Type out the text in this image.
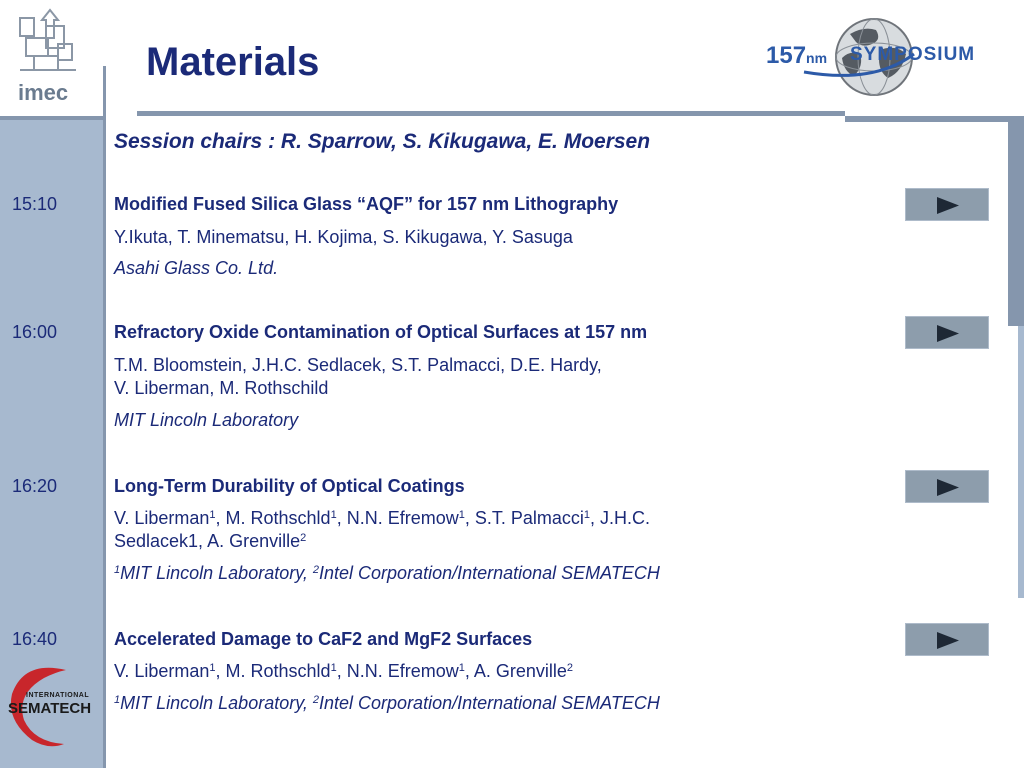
imec
Materials	157nm SYMPOSIUM
Session chairs : R. Sparrow, S. Kikugawa, E. Moersen
15:10	Modified Fused Silica Glass “AQF” for 157 nm Lithography
Y.Ikuta, T. Minematsu, H. Kojima, S. Kikugawa, Y. Sasuga
Asahi Glass Co. Ltd.
16:00	Refractory Oxide Contamination of Optical Surfaces at 157 nm
T.M. Bloomstein, J.H.C. Sedlacek, S.T. Palmacci, D.E. Hardy,
V. Liberman, M. Rothschild
MIT Lincoln Laboratory
16:20	Long-Term Durability of Optical Coatings
V. Liberman$^1$, M. Rothschld$^1$, N.N. Efremow$^1$, S.T. Palmacci$^1$, J.H.C.
Sedlacek1, A. Grenville$^2$
$^1$MIT Lincoln Laboratory, $^2$Intel Corporation/International SEMATECH
16:40	Accelerated Damage to CaF2 and MgF2 Surfaces
V. Liberman$^1$, M. Rothschld$^1$, N.N. Efremow$^1$, A. Grenville$^2$
$^1$MIT Lincoln Laboratory, $^2$Intel Corporation/International SEMATECH
INTERNATIONAL
SEMATECH
